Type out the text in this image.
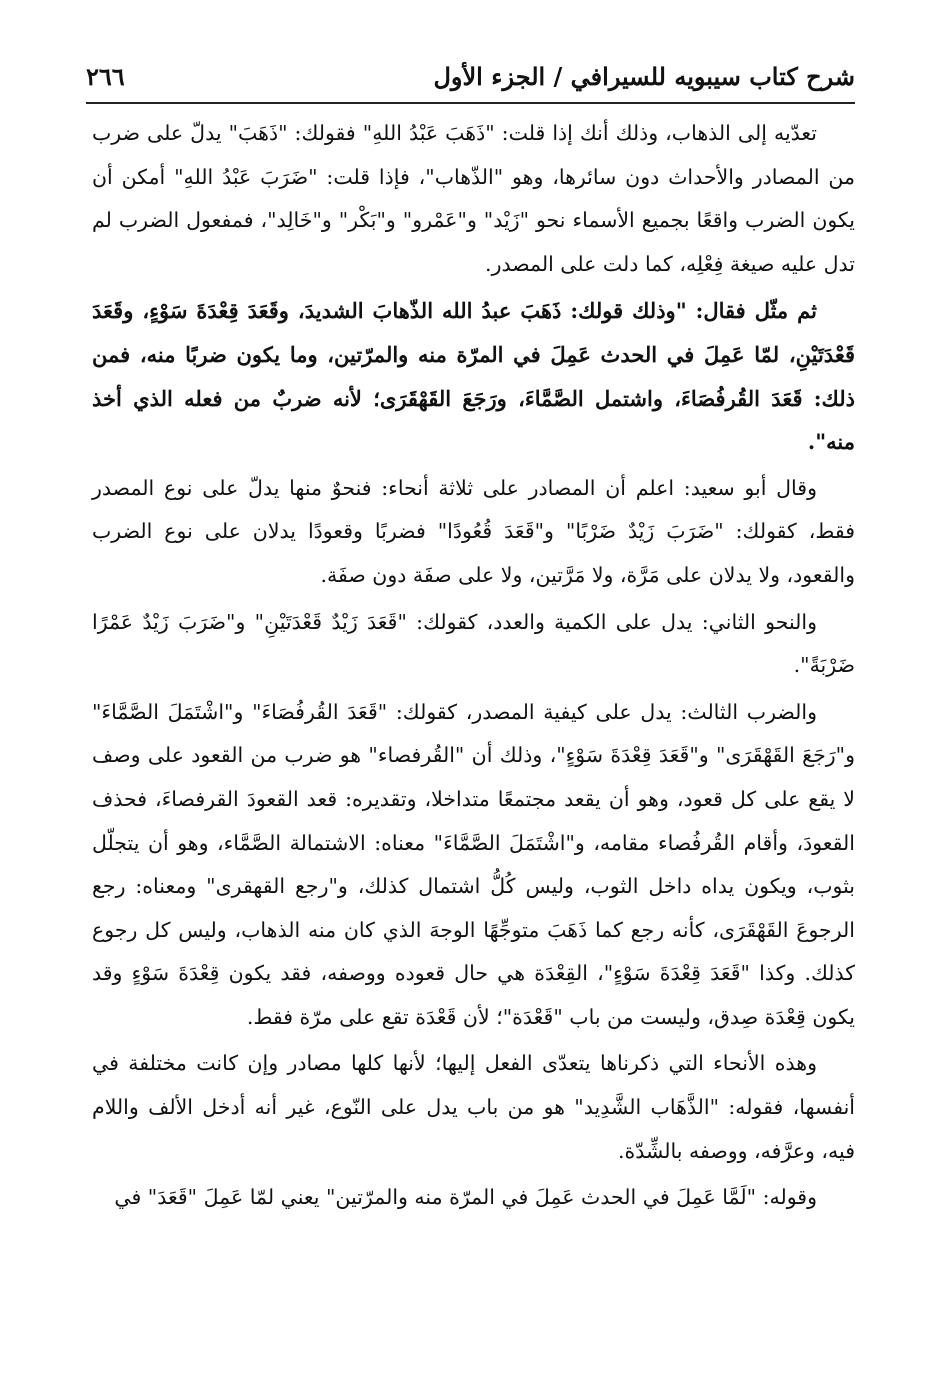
شرح كتاب سيبويه للسيرافي / الجزء الأول
٢٦٦

تعدّيه إلى الذهاب، وذلك أنك إذا قلت: "ذَهَبَ عَبْدُ اللهِ" فقولك: "ذَهَبَ" يدلّ على ضرب من المصادر والأحداث دون سائرها، وهو "الذّهاب"، فإذا قلت: "ضَرَبَ عَبْدُ اللهِ" أمكن أن يكون الضرب واقعًا بجميع الأسماء نحو "زَيْد" و"عَمْرو" و"بَكْر" و"خَالِد"، فمفعول الضرب لم تدل عليه صيغة فِعْلِه، كما دلت على المصدر.

ثم مثّل فقال: "وذلك قولك: ذَهَبَ عبدُ الله الذّهابَ الشديدَ، وقَعَدَ قِعْدَةَ سَوْءٍ، وقَعَدَ قَعْدَتَيْنِ، لمّا عَمِلَ في الحدث عَمِلَ في المرّة منه والمرّتين، وما يكون ضربًا منه، فمن ذلك: قَعَدَ القُرفُصَاءَ، واشتمل الصَّمَّاءَ، ورَجَعَ القَهْقَرَى؛ لأنه ضربٌ من فعله الذي أخذ منه".

وقال أبو سعيد: اعلم أن المصادر على ثلاثة أنحاء: فنحوٌ منها يدلّ على نوع المصدر فقط، كقولك: "ضَرَبَ زَيْدٌ ضَرْبًا" و"قَعَدَ قُعُودًا" فضربًا وقعودًا يدلان على نوع الضرب والقعود، ولا يدلان على مَرَّة، ولا مَرَّتين، ولا على صفَة دون صفَة.

والنحو الثاني: يدل على الكمية والعدد، كقولك: "قَعَدَ زَيْدٌ قَعْدَتَيْنِ" و"ضَرَبَ زَيْدٌ عَمْرًا ضَرْبَةً".

والضرب الثالث: يدل على كيفية المصدر، كقولك: "قَعَدَ القُرفُصَاءَ" و"اشْتَمَلَ الصَّمَّاءَ" و"رَجَعَ القَهْقَرَى" و"قَعَدَ قِعْدَةَ سَوْءٍ"، وذلك أن "القُرفصاء" هو ضرب من القعود على وصف لا يقع على كل قعود، وهو أن يقعد مجتمعًا متداخلا، وتقديره: قعد القعودَ القرفصاءَ، فحذف القعودَ، وأقام القُرفُصاء مقامه، و"اشْتَمَلَ الصَّمَّاءَ" معناه: الاشتمالة الصَّمَّاء، وهو أن يتجلّل بثوب، ويكون يداه داخل الثوب، وليس كُلُّ اشتمال كذلك، و"رجع القهقرى" ومعناه: رجع الرجوعَ القَهْقَرَى، كأنه رجع كما ذَهَبَ متوجِّهًا الوجهَ الذي كان منه الذهاب، وليس كل رجوع كذلك. وكذا "قَعَدَ قِعْدَةَ سَوْءٍ"، القِعْدَة هي حال قعوده ووصفه، فقد يكون قِعْدَةَ سَوْءٍ وقد يكون قِعْدَة صِدق، وليست من باب "قَعْدَة"؛ لأن قَعْدَة تقع على مرّة فقط.

وهذه الأنحاء التي ذكرناها يتعدّى الفعل إليها؛ لأنها كلها مصادر وإن كانت مختلفة في أنفسها، فقوله: "الذَّهَاب الشَّدِيد" هو من باب يدل على النّوع، غير أنه أدخل الألف واللام فيه، وعرَّفه، ووصفه بالشِّدّة.

وقوله: "لَمَّا عَمِلَ في الحدث عَمِلَ في المرّة منه والمرّتين" يعني لمّا عَمِلَ "قَعَدَ" في
